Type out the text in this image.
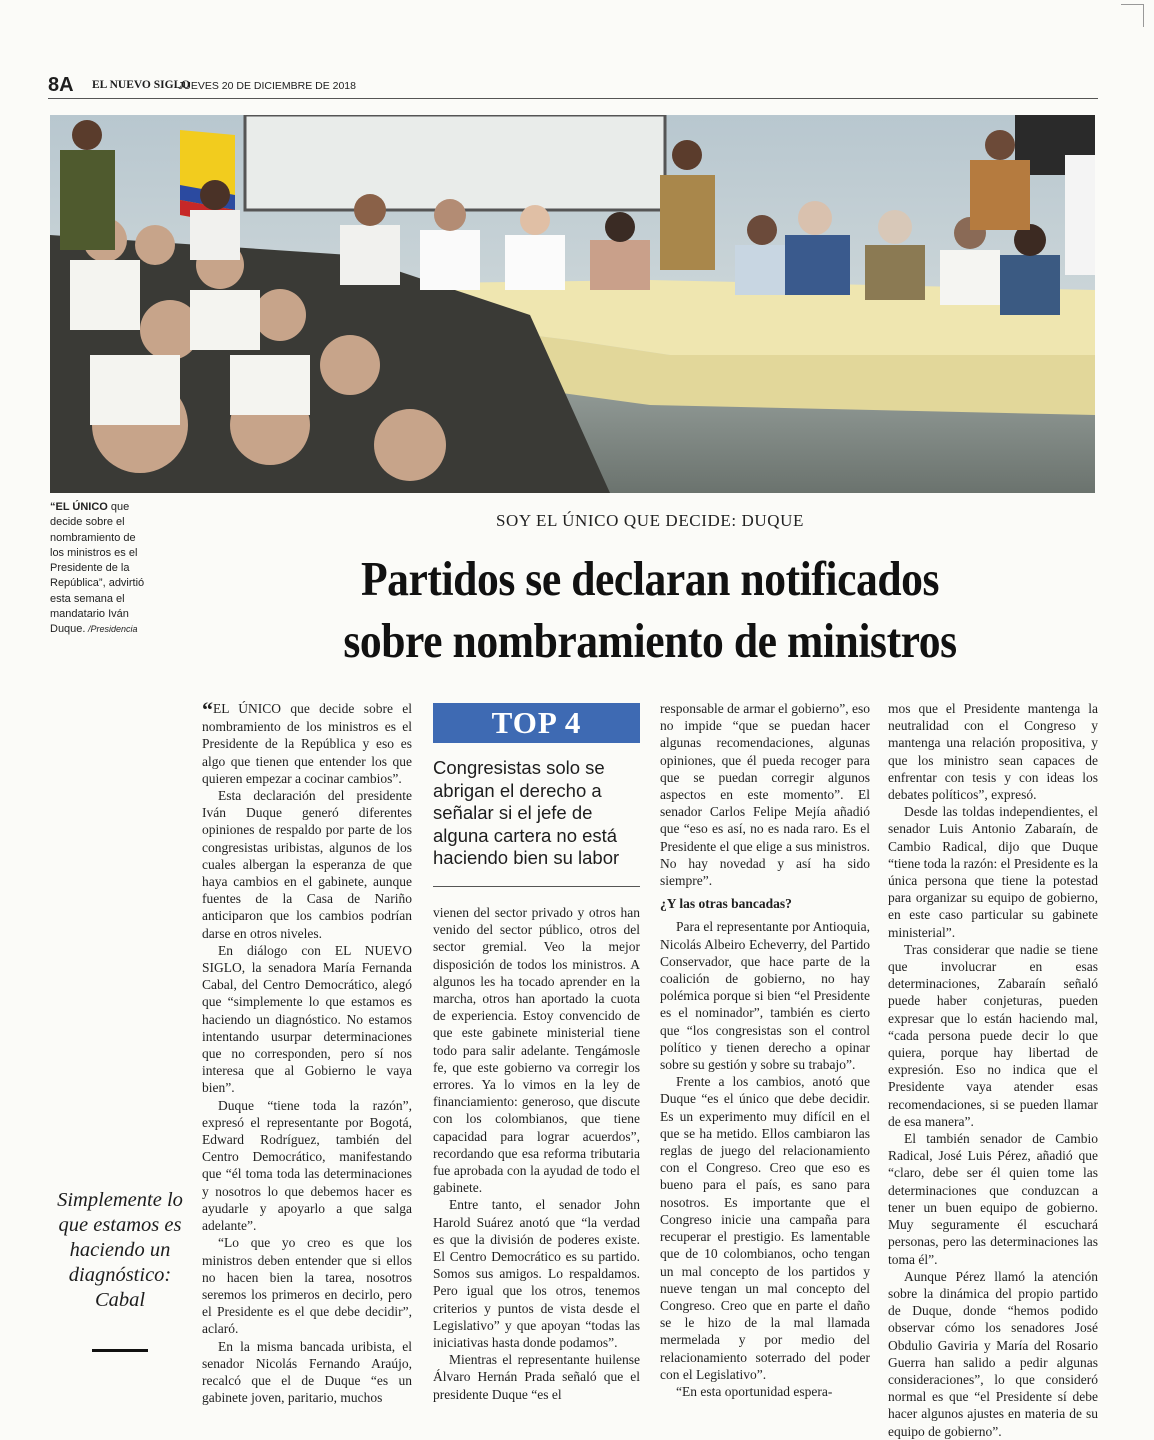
8A EL NUEVO SIGLO
JUEVES 20 DE DICIEMBRE DE 2018
“EL ÚNICO que decide sobre el nombramiento de los ministros es el Presidente de la República”, advirtió esta semana el mandatario Iván Duque. /Presidencia
SOY EL ÚNICO QUE DECIDE: DUQUE
Partidos se declaran notificados
sobre nombramiento de ministros

“EL ÚNICO que decide sobre el nombramiento de los ministros es el Presidente de la República y eso es algo que tienen que entender los que quieren empezar a cocinar cambios”.

Esta declaración del presidente Iván Duque generó diferentes opiniones de respaldo por parte de los congresistas uribistas, algunos de los cuales albergan la esperanza de que haya cambios en el gabinete, aunque fuentes de la Casa de Nariño anticiparon que los cambios podrían darse en otros niveles.

En diálogo con EL NUEVO SIGLO, la senadora María Fernanda Cabal, del Centro Democrático, alegó que “simplemente lo que estamos es haciendo un diagnóstico. No estamos intentando usurpar determinaciones que no corresponden, pero sí nos interesa que al Gobierno le vaya bien”.

Duque “tiene toda la razón”, expresó el representante por Bogotá, Edward Rodríguez, también del Centro Democrático, manifestando que “él toma toda las determinaciones y nosotros lo que debemos hacer es ayudarle y apoyarlo a que salga adelante”.

“Lo que yo creo es que los ministros deben entender que si ellos no hacen bien la tarea, nosotros seremos los primeros en decirlo, pero el Presidente es el que debe decidir”, aclaró.

En la misma bancada uribista, el senador Nicolás Fernando Araújo, recalcó que el de Duque “es un gabinete joven, paritario, muchos

TOP 4
Congresistas solo se abrigan el derecho a señalar si el jefe de alguna cartera no está haciendo bien su labor

vienen del sector privado y otros han venido del sector público, otros del sector gremial. Veo la mejor disposición de todos los ministros. A algunos les ha tocado aprender en la marcha, otros han aportado la cuota de experiencia. Estoy convencido de que este gabinete ministerial tiene todo para salir adelante. Tengámosle fe, que este gobierno va corregir los errores. Ya lo vimos en la ley de financiamiento: generoso, que discute con los colombianos, que tiene capacidad para lograr acuerdos”, recordando que esa reforma tributaria fue aprobada con la ayudad de todo el gabinete.

Entre tanto, el senador John Harold Suárez anotó que “la verdad es que la división de poderes existe. El Centro Democrático es su partido. Somos sus amigos. Lo respaldamos. Pero igual que los otros, tenemos criterios y puntos de vista desde el Legislativo” y que apoyan “todas las iniciativas hasta donde podamos”.

Mientras el representante huilense Álvaro Hernán Prada señaló que el presidente Duque “es el

responsable de armar el gobierno”, eso no impide “que se puedan hacer algunas recomendaciones, algunas opiniones, que él pueda recoger para que se puedan corregir algunos aspectos en este momento”. El senador Carlos Felipe Mejía añadió que “eso es así, no es nada raro. Es el Presidente el que elige a sus ministros. No hay novedad y así ha sido siempre”.

¿Y las otras bancadas?

Para el representante por Antioquia, Nicolás Albeiro Echeverry, del Partido Conservador, que hace parte de la coalición de gobierno, no hay polémica porque si bien “el Presidente es el nominador”, también es cierto que “los congresistas son el control político y tienen derecho a opinar sobre su gestión y sobre su trabajo”.

Frente a los cambios, anotó que Duque “es el único que debe decidir. Es un experimento muy difícil en el que se ha metido. Ellos cambiaron las reglas de juego del relacionamiento con el Congreso. Creo que eso es bueno para el país, es sano para nosotros. Es importante que el Congreso inicie una campaña para recuperar el prestigio. Es lamentable que de 10 colombianos, ocho tengan un mal concepto de los partidos y nueve tengan un mal concepto del Congreso. Creo que en parte el daño se le hizo de la mal llamada mermelada y por medio del relacionamiento soterrado del poder con el Legislativo”.

“En esta oportunidad espera-

mos que el Presidente mantenga la neutralidad con el Congreso y mantenga una relación propositiva, y que los ministro sean capaces de enfrentar con tesis y con ideas los debates políticos”, expresó.

Desde las toldas independientes, el senador Luis Antonio Zabaraín, de Cambio Radical, dijo que Duque “tiene toda la razón: el Presidente es la única persona que tiene la potestad para organizar su equipo de gobierno, en este caso particular su gabinete ministerial”.

Tras considerar que nadie se tiene que involucrar en esas determinaciones, Zabaraín señaló puede haber conjeturas, pueden expresar que lo están haciendo mal, “cada persona puede decir lo que quiera, porque hay libertad de expresión. Eso no indica que el Presidente vaya atender esas recomendaciones, si se pueden llamar de esa manera”.

El también senador de Cambio Radical, José Luis Pérez, añadió que “claro, debe ser él quien tome las determinaciones que conduzcan a tener un buen equipo de gobierno. Muy seguramente él escuchará personas, pero las determinaciones las toma él”.

Aunque Pérez llamó la atención sobre la dinámica del propio partido de Duque, donde “hemos podido observar cómo los senadores José Obdulio Gaviria y María del Rosario Guerra han salido a pedir algunas consideraciones”, lo que consideró normal es que “el Presidente sí debe hacer algunos ajustes en materia de su equipo de gobierno”.

Simplemente lo que estamos es haciendo un diagnóstico: Cabal
